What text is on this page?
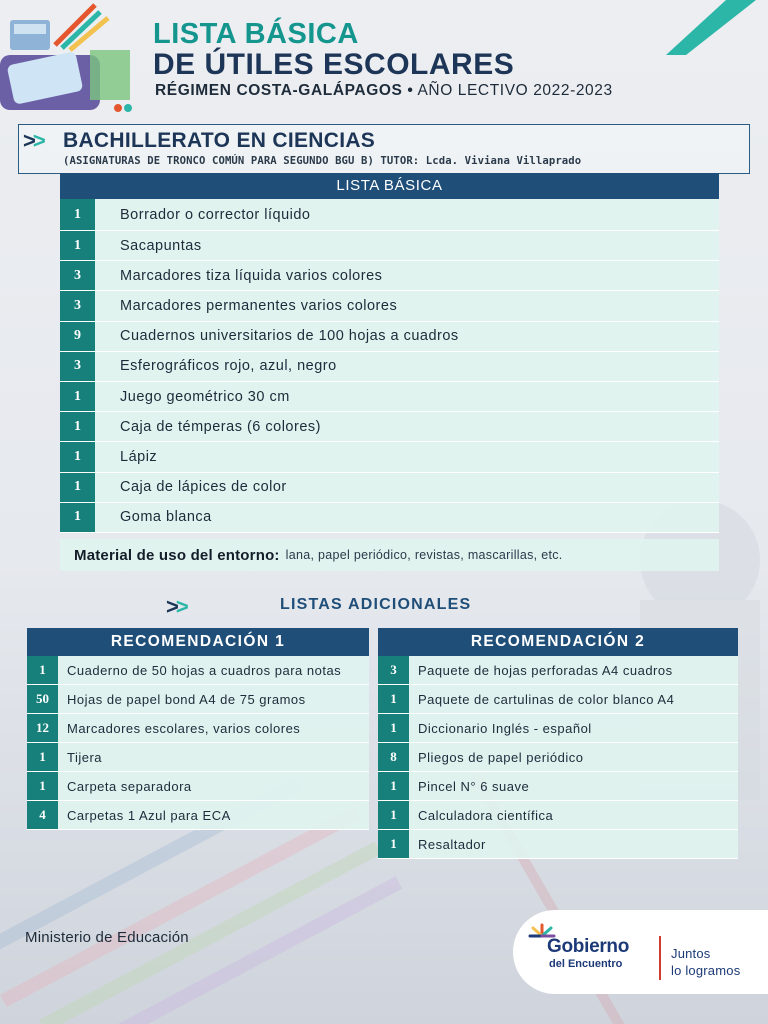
LISTA BÁSICA
DE ÚTILES ESCOLARES
RÉGIMEN COSTA-GALÁPAGOS • AÑO LECTIVO 2022-2023
>> BACHILLERATO EN CIENCIAS
(ASIGNATURAS DE TRONCO COMÚN PARA SEGUNDO BGU B) TUTOR: Lcda. Viviana Villaprado
LISTA BÁSICA
1	Borrador o corrector líquido
1	Sacapuntas
3	Marcadores tiza líquida varios colores
3	Marcadores permanentes varios colores
9	Cuadernos universitarios de 100 hojas a cuadros
3	Esferográficos rojo, azul, negro
1	Juego geométrico 30 cm
1	Caja de témperas (6 colores)
1	Lápiz
1	Caja de lápices de color
1	Goma blanca
Material de uso del entorno: lana, papel periódico, revistas, mascarillas, etc.
>>	LISTAS ADICIONALES
RECOMENDACIÓN 1
1	Cuaderno de 50 hojas a cuadros para notas
50	Hojas de papel bond A4 de 75 gramos
12	Marcadores escolares, varios colores
1	Tijera
1	Carpeta separadora
4	Carpetas 1 Azul para ECA
RECOMENDACIÓN 2
3	Paquete de hojas perforadas A4 cuadros
1	Paquete de cartulinas de color blanco A4
1	Diccionario Inglés - español
8	Pliegos de papel periódico
1	Pincel N° 6 suave
1	Calculadora científica
1	Resaltador
Ministerio de Educación	Gobierno
del Encuentro
Juntos
lo logramos
